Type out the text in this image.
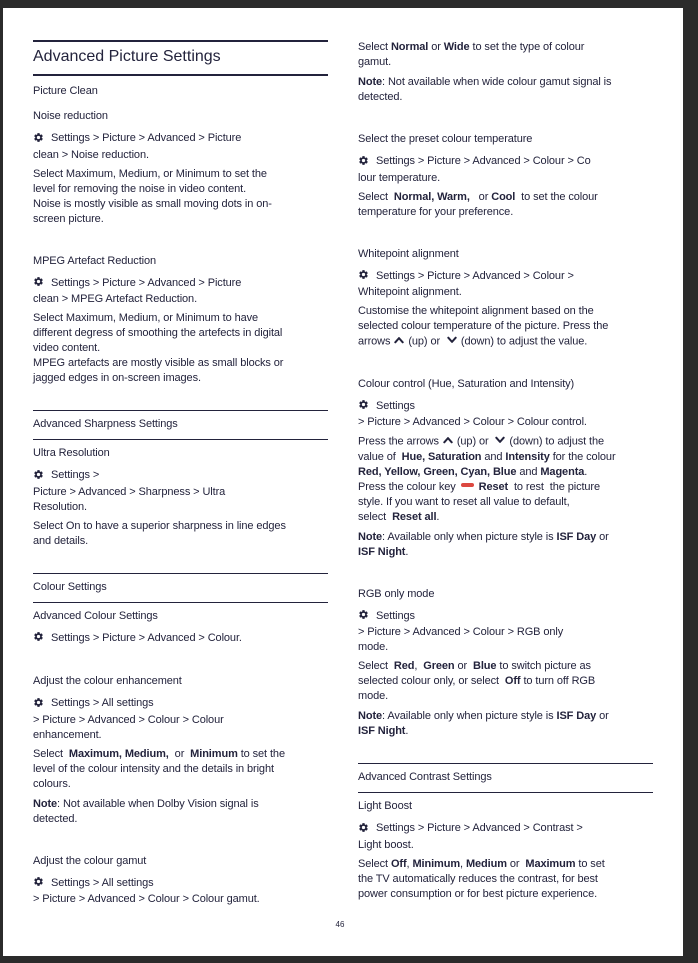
Advanced Picture Settings
Picture Clean
Noise reduction
Settings > Picture > Advanced > Picture
clean > Noise reduction.
Select Maximum, Medium, or Minimum to set the
level for removing the noise in video content.
Noise is mostly visible as small moving dots in on-
screen picture.
MPEG Artefact Reduction
Settings > Picture > Advanced > Picture
clean > MPEG Artefact Reduction.
Select Maximum, Medium, or Minimum to have
different degress of smoothing the artefects in digital
video content.
MPEG artefacts are mostly visible as small blocks or
jagged edges in on-screen images.
Advanced Sharpness Settings
Ultra Resolution
Settings >
Picture > Advanced > Sharpness > Ultra
Resolution.
Select On to have a superior sharpness in line edges
and details.
Colour Settings
Advanced Colour Settings
Settings > Picture > Advanced > Colour.
Adjust the colour enhancement
Settings > All settings
> Picture > Advanced > Colour > Colour
enhancement.
Select  Maximum, Medium,  or  Minimum to set the
level of the colour intensity and the details in bright
colours.
Note: Not available when Dolby Vision signal is
detected.
Adjust the colour gamut
Settings > All settings
> Picture > Advanced > Colour > Colour gamut.
Select Normal or Wide to set the type of colour
gamut.
Note: Not available when wide colour gamut signal is
detected.
Select the preset colour temperature
Settings > Picture > Advanced > Colour > Co
lour temperature.
Select  Normal, Warm,   or Cool  to set the colour
temperature for your preference.
Whitepoint alignment
Settings > Picture > Advanced > Colour >
Whitepoint alignment.
Customise the whitepoint alignment based on the
selected colour temperature of the picture. Press the
arrows  (up) or   (down) to adjust the value.
Colour control (Hue, Saturation and Intensity)
Settings
> Picture > Advanced > Colour > Colour control.
Press the arrows  (up) or   (down) to adjust the
value of  Hue, Saturation and Intensity for the colour
Red, Yellow, Green, Cyan, Blue and Magenta.
Press the colour key  Reset  to rest  the picture
style. If you want to reset all value to default,
select  Reset all.
Note: Available only when picture style is ISF Day or
ISF Night.
RGB only mode
Settings
> Picture > Advanced > Colour > RGB only
mode.
Select  Red,  Green or  Blue to switch picture as
selected colour only, or select  Off to turn off RGB
mode.
Note: Available only when picture style is ISF Day or
ISF Night.
Advanced Contrast Settings
Light Boost
Settings > Picture > Advanced > Contrast >
Light boost.
Select Off, Minimum, Medium or  Maximum to set
the TV automatically reduces the contrast, for best
power consumption or for best picture experience.
46
